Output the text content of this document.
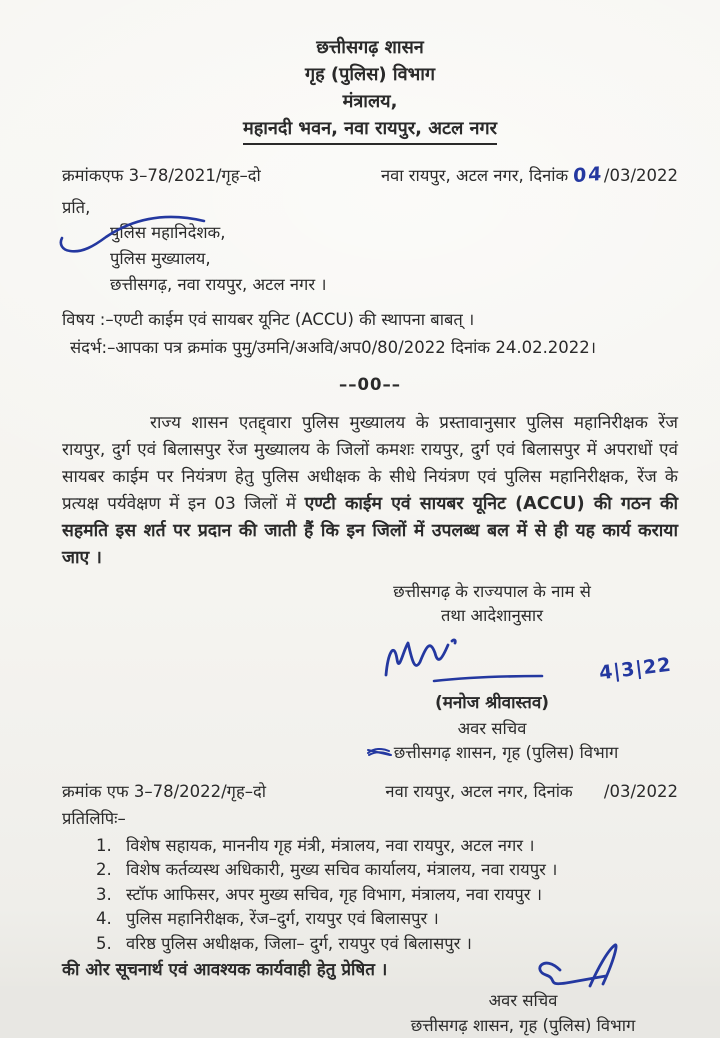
छत्तीसगढ़ शासन
गृह (पुलिस) विभाग
मंत्रालय,
महानदी भवन, नवा रायपुर, अटल नगर
क्रमांकएफ 3–78/2021/गृह–दो	नवा रायपुर, अटल नगर, दिनांक 04/03/2022
प्रति,
पुलिस महानिदेशक,
पुलिस मुख्यालय,
छत्तीसगढ़, नवा रायपुर, अटल नगर ।
विषय :–एण्टी काईम एवं सायबर यूनिट (ACCU) की स्थापना बाबत् ।
संदर्भ:–आपका पत्र क्रमांक पुमु/उमनि/अअवि/अप0/80/2022 दिनांक 24.02.2022।
––00––
राज्य शासन एतद्द्वारा पुलिस मुख्यालय के प्रस्तावानुसार पुलिस महानिरीक्षक रेंज रायपुर, दुर्ग एवं बिलासपुर रेंज मुख्यालय के जिलों कमशः रायपुर, दुर्ग एवं बिलासपुर में अपराधों एवं सायबर काईम पर नियंत्रण हेतु पुलिस अधीक्षक के सीधे नियंत्रण एवं पुलिस महानिरीक्षक, रेंज के प्रत्यक्ष पर्यवेक्षण में इन 03 जिलों में एण्टी काईम एवं सायबर यूनिट (ACCU) की गठन की सहमति इस शर्त पर प्रदान की जाती हैं कि इन जिलों में उपलब्ध बल में से ही यह कार्य कराया जाए ।
छत्तीसगढ़ के राज्यपाल के नाम से
तथा आदेशानुसार
4|3|22
(मनोज श्रीवास्तव)
अवर सचिव
छत्तीसगढ़ शासन, गृह (पुलिस) विभाग
क्रमांक एफ 3–78/2022/गृह–दो	नवा रायपुर, अटल नगर, दिनांक /03/2022
प्रतिलिपिः–
1. विशेष सहायक, माननीय गृह मंत्री, मंत्रालय, नवा रायपुर, अटल नगर ।
2. विशेष कर्तव्यस्थ अधिकारी, मुख्य सचिव कार्यालय, मंत्रालय, नवा रायपुर ।
3. स्टॉफ आफिसर, अपर मुख्य सचिव, गृह विभाग, मंत्रालय, नवा रायपुर ।
4. पुलिस महानिरीक्षक, रेंज–दुर्ग, रायपुर एवं बिलासपुर ।
5. वरिष्ठ पुलिस अधीक्षक, जिला– दुर्ग, रायपुर एवं बिलासपुर ।
की ओर सूचनार्थ एवं आवश्यक कार्यवाही हेतु प्रेषित ।
अवर सचिव
छत्तीसगढ़ शासन, गृह (पुलिस) विभाग
